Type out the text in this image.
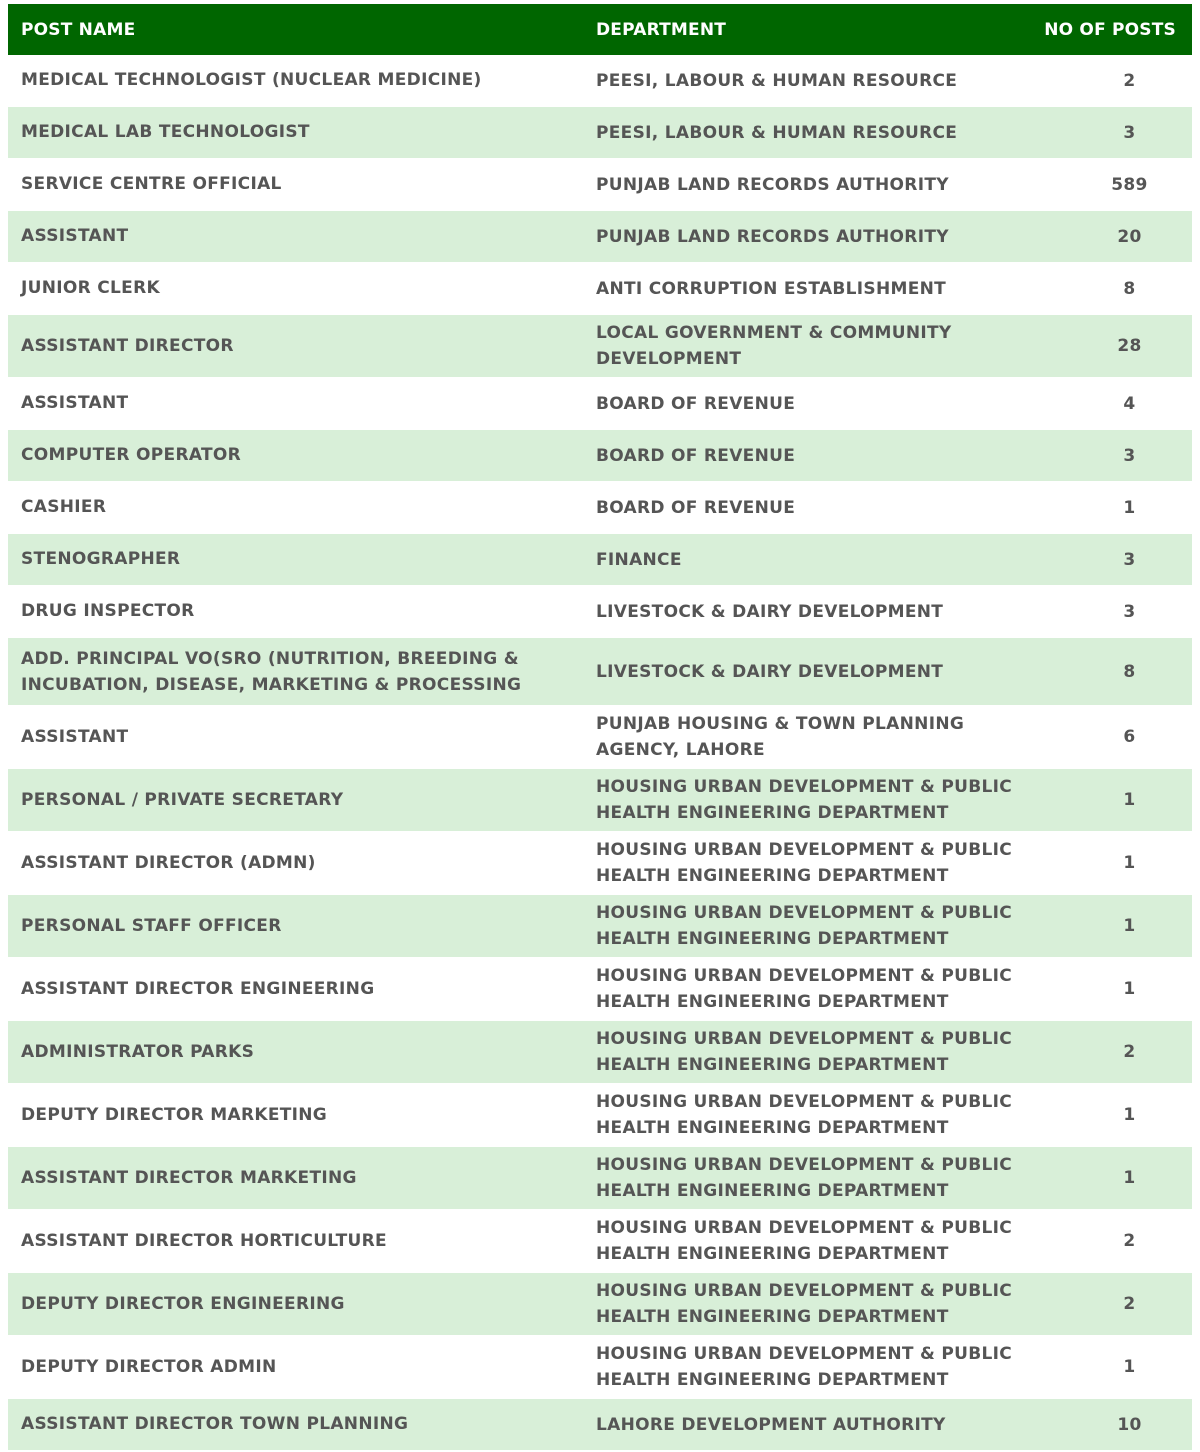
POST NAME	DEPARTMENT	NO OF POSTS
MEDICAL TECHNOLOGIST (NUCLEAR MEDICINE)	PEESI, LABOUR & HUMAN RESOURCE	2
MEDICAL LAB TECHNOLOGIST	PEESI, LABOUR & HUMAN RESOURCE	3
SERVICE CENTRE OFFICIAL	PUNJAB LAND RECORDS AUTHORITY	589
ASSISTANT	PUNJAB LAND RECORDS AUTHORITY	20
JUNIOR CLERK	ANTI CORRUPTION ESTABLISHMENT	8
ASSISTANT DIRECTOR	LOCAL GOVERNMENT & COMMUNITY DEVELOPMENT	28
ASSISTANT	BOARD OF REVENUE	4
COMPUTER OPERATOR	BOARD OF REVENUE	3
CASHIER	BOARD OF REVENUE	1
STENOGRAPHER	FINANCE	3
DRUG INSPECTOR	LIVESTOCK & DAIRY DEVELOPMENT	3
ADD. PRINCIPAL VO(SRO (NUTRITION, BREEDING & INCUBATION, DISEASE, MARKETING & PROCESSING	LIVESTOCK & DAIRY DEVELOPMENT	8
ASSISTANT	PUNJAB HOUSING & TOWN PLANNING AGENCY, LAHORE	6
PERSONAL / PRIVATE SECRETARY	HOUSING URBAN DEVELOPMENT & PUBLIC HEALTH ENGINEERING DEPARTMENT	1
ASSISTANT DIRECTOR (ADMN)	HOUSING URBAN DEVELOPMENT & PUBLIC HEALTH ENGINEERING DEPARTMENT	1
PERSONAL STAFF OFFICER	HOUSING URBAN DEVELOPMENT & PUBLIC HEALTH ENGINEERING DEPARTMENT	1
ASSISTANT DIRECTOR ENGINEERING	HOUSING URBAN DEVELOPMENT & PUBLIC HEALTH ENGINEERING DEPARTMENT	1
ADMINISTRATOR PARKS	HOUSING URBAN DEVELOPMENT & PUBLIC HEALTH ENGINEERING DEPARTMENT	2
DEPUTY DIRECTOR MARKETING	HOUSING URBAN DEVELOPMENT & PUBLIC HEALTH ENGINEERING DEPARTMENT	1
ASSISTANT DIRECTOR MARKETING	HOUSING URBAN DEVELOPMENT & PUBLIC HEALTH ENGINEERING DEPARTMENT	1
ASSISTANT DIRECTOR HORTICULTURE	HOUSING URBAN DEVELOPMENT & PUBLIC HEALTH ENGINEERING DEPARTMENT	2
DEPUTY DIRECTOR ENGINEERING	HOUSING URBAN DEVELOPMENT & PUBLIC HEALTH ENGINEERING DEPARTMENT	2
DEPUTY DIRECTOR ADMIN	HOUSING URBAN DEVELOPMENT & PUBLIC HEALTH ENGINEERING DEPARTMENT	1
ASSISTANT DIRECTOR TOWN PLANNING	LAHORE DEVELOPMENT AUTHORITY	10
